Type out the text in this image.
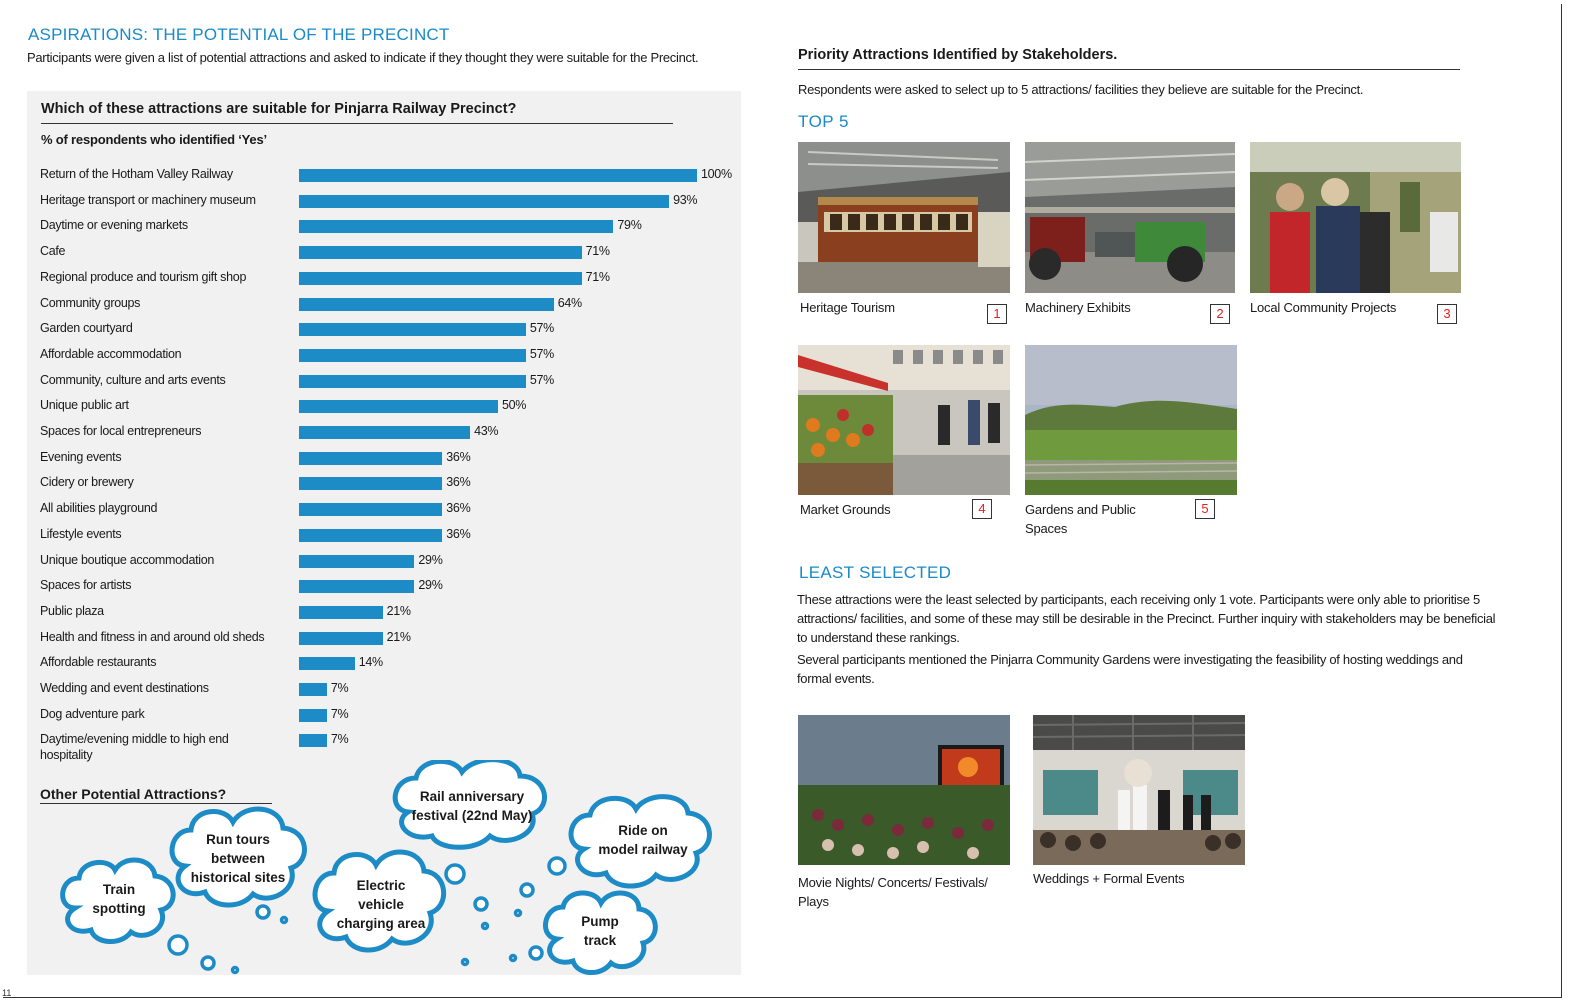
ASPIRATIONS: THE POTENTIAL OF THE PRECINCT
Participants were given a list of potential attractions and asked to indicate if they thought they were suitable for the Precinct.
Which of these attractions are suitable for Pinjarra Railway Precinct?
% of respondents who identified ‘Yes’
Return of the Hotham Valley Railway	100%
Heritage transport or machinery museum	93%
Daytime or evening markets	79%
Cafe	71%
Regional produce and tourism gift shop	71%
Community groups	64%
Garden courtyard	57%
Affordable accommodation	57%
Community, culture and arts events	57%
Unique public art	50%
Spaces for local entrepreneurs	43%
Evening events	36%
Cidery or brewery	36%
All abilities playground	36%
Lifestyle events	36%
Unique boutique accommodation	29%
Spaces for artists	29%
Public plaza	21%
Health and fitness in and around old sheds	21%
Affordable restaurants	14%
Wedding and event destinations	7%
Dog adventure park	7%
Daytime/evening middle to high end hospitality
7%
Other Potential Attractions?
Train
spotting
Run tours
between
historical sites
Electric
vehicle
charging area
Rail anniversary
festival (22nd May)
Ride on
model railway
Pump
track
Priority Attractions Identified by Stakeholders.
Respondents were asked to select up to 5 attractions/ facilities they believe are suitable for the Precinct.
TOP 5
Heritage Tourism	1	Machinery Exhibits	2	Local Community Projects	3
Market Grounds	4	Gardens and Public Spaces
5
LEAST SELECTED

These attractions were the least selected by participants, each receiving only 1 vote. Participants were only able to prioritise 5 attractions/ facilities, and some of these may still be desirable in the Precinct. Further inquiry with stakeholders may be beneficial to understand these rankings.

Several participants mentioned the Pinjarra Community Gardens were investigating the feasibility of hosting weddings and formal events.

Movie Nights/ Concerts/ Festivals/ Plays
Weddings + Formal Events
11
